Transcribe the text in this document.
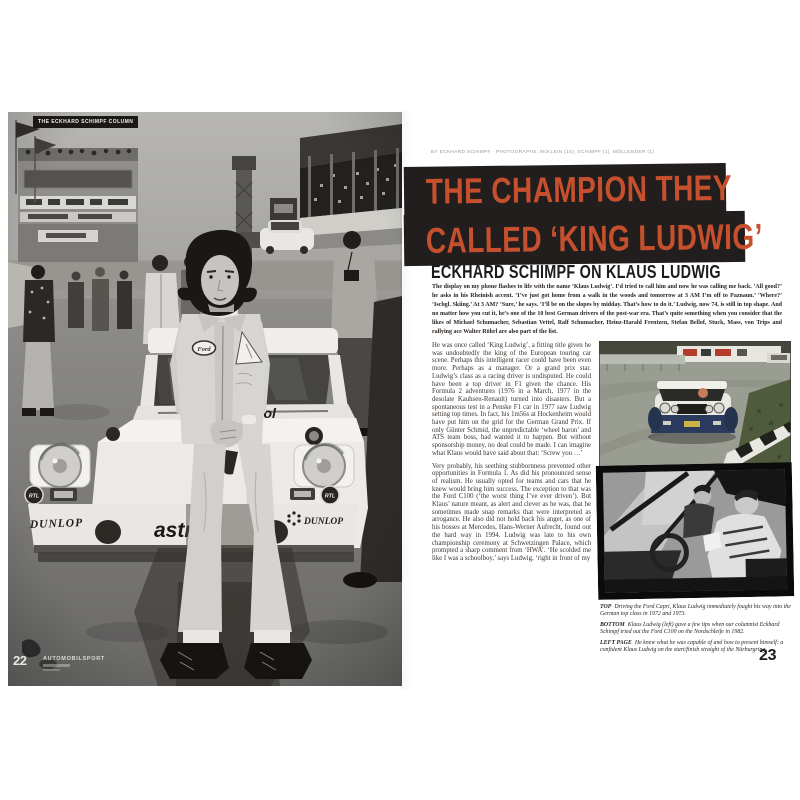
THE ECKHARD SCHIMPF COLUMN
22	AUTOMOBILSPORT
BY ECKHARD SCHIMPF · PHOTOGRAPHS: McKLEIN (15), SCHIMPF (1), MÖLLENDER (1)
THE CHAMPION THEY
CALLED ‘KING LUDWIG’
ECKHARD SCHIMPF ON KLAUS LUDWIG
The display on my phone flashes to life with the name ‘Klaus Ludwig’. I’d tried to call him and now he was calling me back. ‘All good?’ he asks in his Rheinish accent. ‘I’ve just got home from a walk in the woods and tomorrow at 3 AM I’m off to Paznaun.’ ‘Where?’ ‘Ischgl. Skiing.’ At 3 AM? ‘Sure,’ he says. ‘I’ll be on the slopes by midday. That’s how to do it.’ Ludwig, now 74, is still in top shape. And no matter how you cut it, he’s one of the 10 best German drivers of the post-war era. That’s quite something when you consider that the likes of Michael Schumacher, Sebastian Vettel, Ralf Schumacher, Heinz-Harald Frentzen, Stefan Bellof, Stuck, Mass, von Trips and rallying ace Walter Röhrl are also part of the list.

He was once called ‘King Ludwig’, a fitting title given he was undoubtedly the king of the European touring car scene. Perhaps this intelligent racer could have been even more. Perhaps as a manager. Or a grand prix star. Ludwig’s class as a racing driver is undisputed. He could have been a top driver in F1 given the chance. His Formula 2 adventures (1976 in a March, 1977 in the desolate Kauhsen-Renault) turned into disasters. But a spontaneous test in a Penske F1 car in 1977 saw Ludwig setting top times. In fact, his 1m56s at Hockenheim would have put him on the grid for the German Grand Prix. If only Günter Schmid, the unpredictable ‘wheel baron’ and ATS team boss, had wanted it to happen. But without sponsorship money, no deal could be made. I can imagine what Klaus would have said about that: ‘Screw you …’

Very probably, his seething stubbornness prevented other opportunities in Formula 1. As did his pronounced sense of realism. He usually opted for teams and cars that he knew would bring him success. The exception to that was the Ford C100 (‘the worst thing I’ve ever driven’). But Klaus’ nature meant, as alert and clever as he was, that he sometimes made snap remarks that were interpreted as arrogance. He also did not hold back his anger, as one of his bosses at Mercedes, Hans-Werner Aufrecht, found out the hard way in 1994. Ludwig was late to his own championship ceremony at Schwetzingen Palace, which prompted a sharp comment from ‘HWA’. ‘He scolded me like I was a schoolboy,’ says Ludwig, ‘right in front of my

TOP Driving the Ford Capri, Klaus Ludwig immediately fought his way into the German top class in 1972 and 1973.

BOTTOM Klaus Ludwig (left) gave a few tips when our columnist Eckhard Schimpf tried out the Ford C100 on the Nordschleife in 1982.

LEFT PAGE He knew what he was capable of and how to present himself: a confident Klaus Ludwig on the start/finish straight of the Nürburgring.

23
